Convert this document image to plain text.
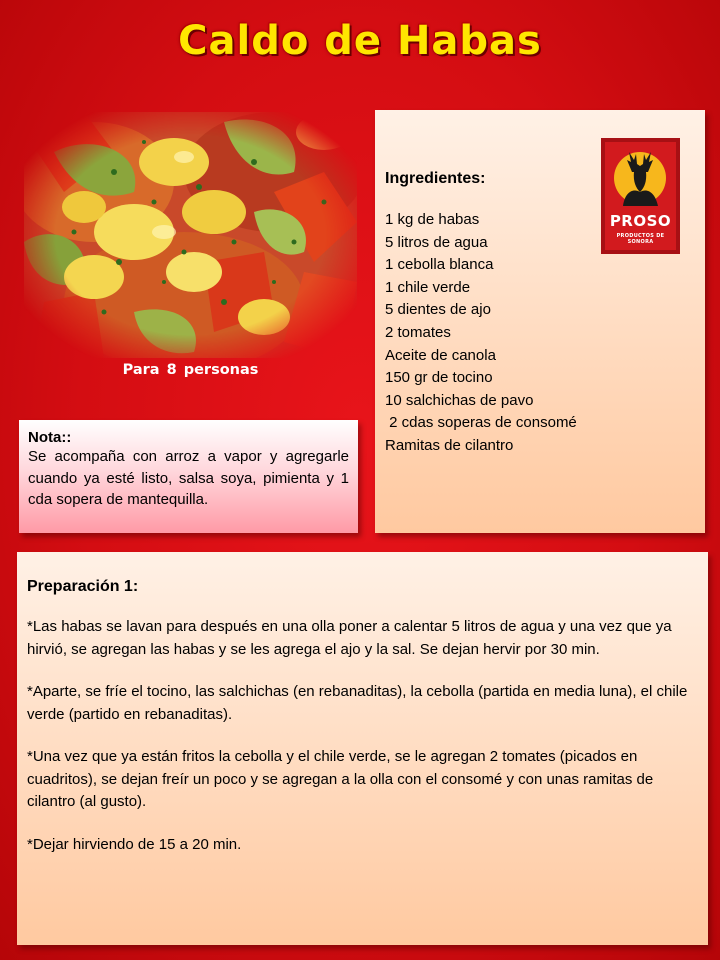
Caldo de Habas
Para 8 personas
Ingredientes:
1 kg de habas
5 litros de agua
1 cebolla blanca
1 chile verde
5 dientes de ajo
2 tomates
Aceite de canola
150 gr de tocino
10 salchichas de pavo
2 cdas soperas de consomé
Ramitas de cilantro
PROSO
PRODUCTOS DE SONORA
Nota::

Se acompaña con arroz a vapor y agregarle cuando ya esté listo, salsa soya, pimienta y 1 cda sopera de mantequilla.

Preparación 1:

*Las habas se lavan para después en una olla poner a calentar 5 litros de agua y una vez que ya hirvió, se agregan las habas y se les agrega el ajo y la sal. Se dejan hervir por 30 min.

*Aparte, se fríe el tocino, las salchichas (en rebanaditas), la cebolla (partida en media luna), el chile verde (partido en rebanaditas).

*Una vez que ya están fritos la cebolla y el chile verde, se le agregan 2 tomates (picados en cuadritos), se dejan freír un poco y se agregan a la olla con el consomé y con unas ramitas de cilantro (al gusto).

*Dejar hirviendo de 15 a 20 min.
